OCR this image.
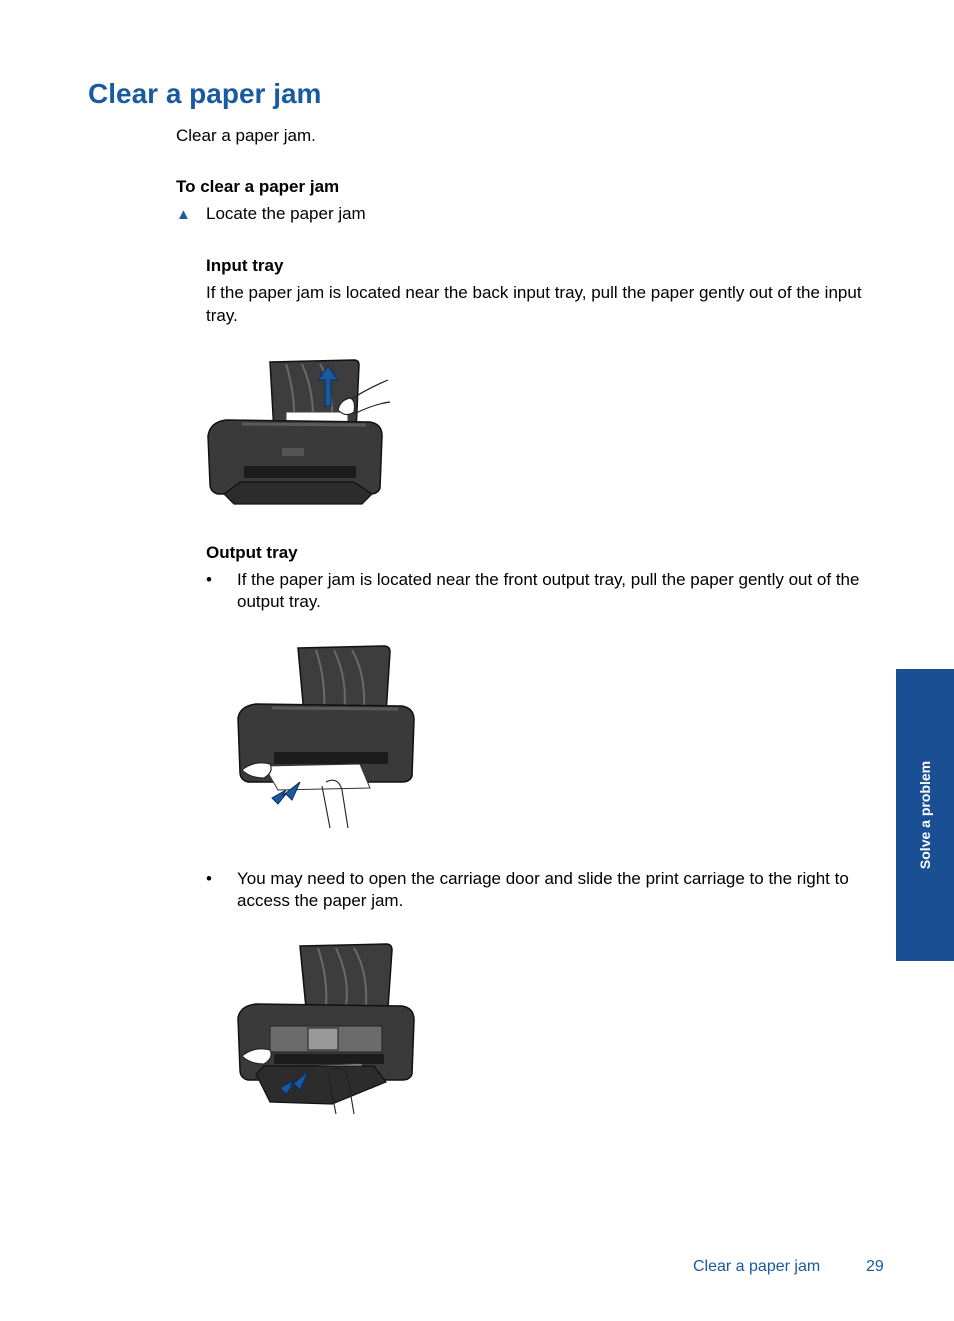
Clear a paper jam
Clear a paper jam.
To clear a paper jam
▲ Locate the paper jam
Input tray
If the paper jam is located near the back input tray, pull the paper gently out of the input tray.
Output tray
• If the paper jam is located near the front output tray, pull the paper gently out of the output tray.
• You may need to open the carriage door and slide the print carriage to the right to access the paper jam.
Solve a problem
Clear a paper jam	29
